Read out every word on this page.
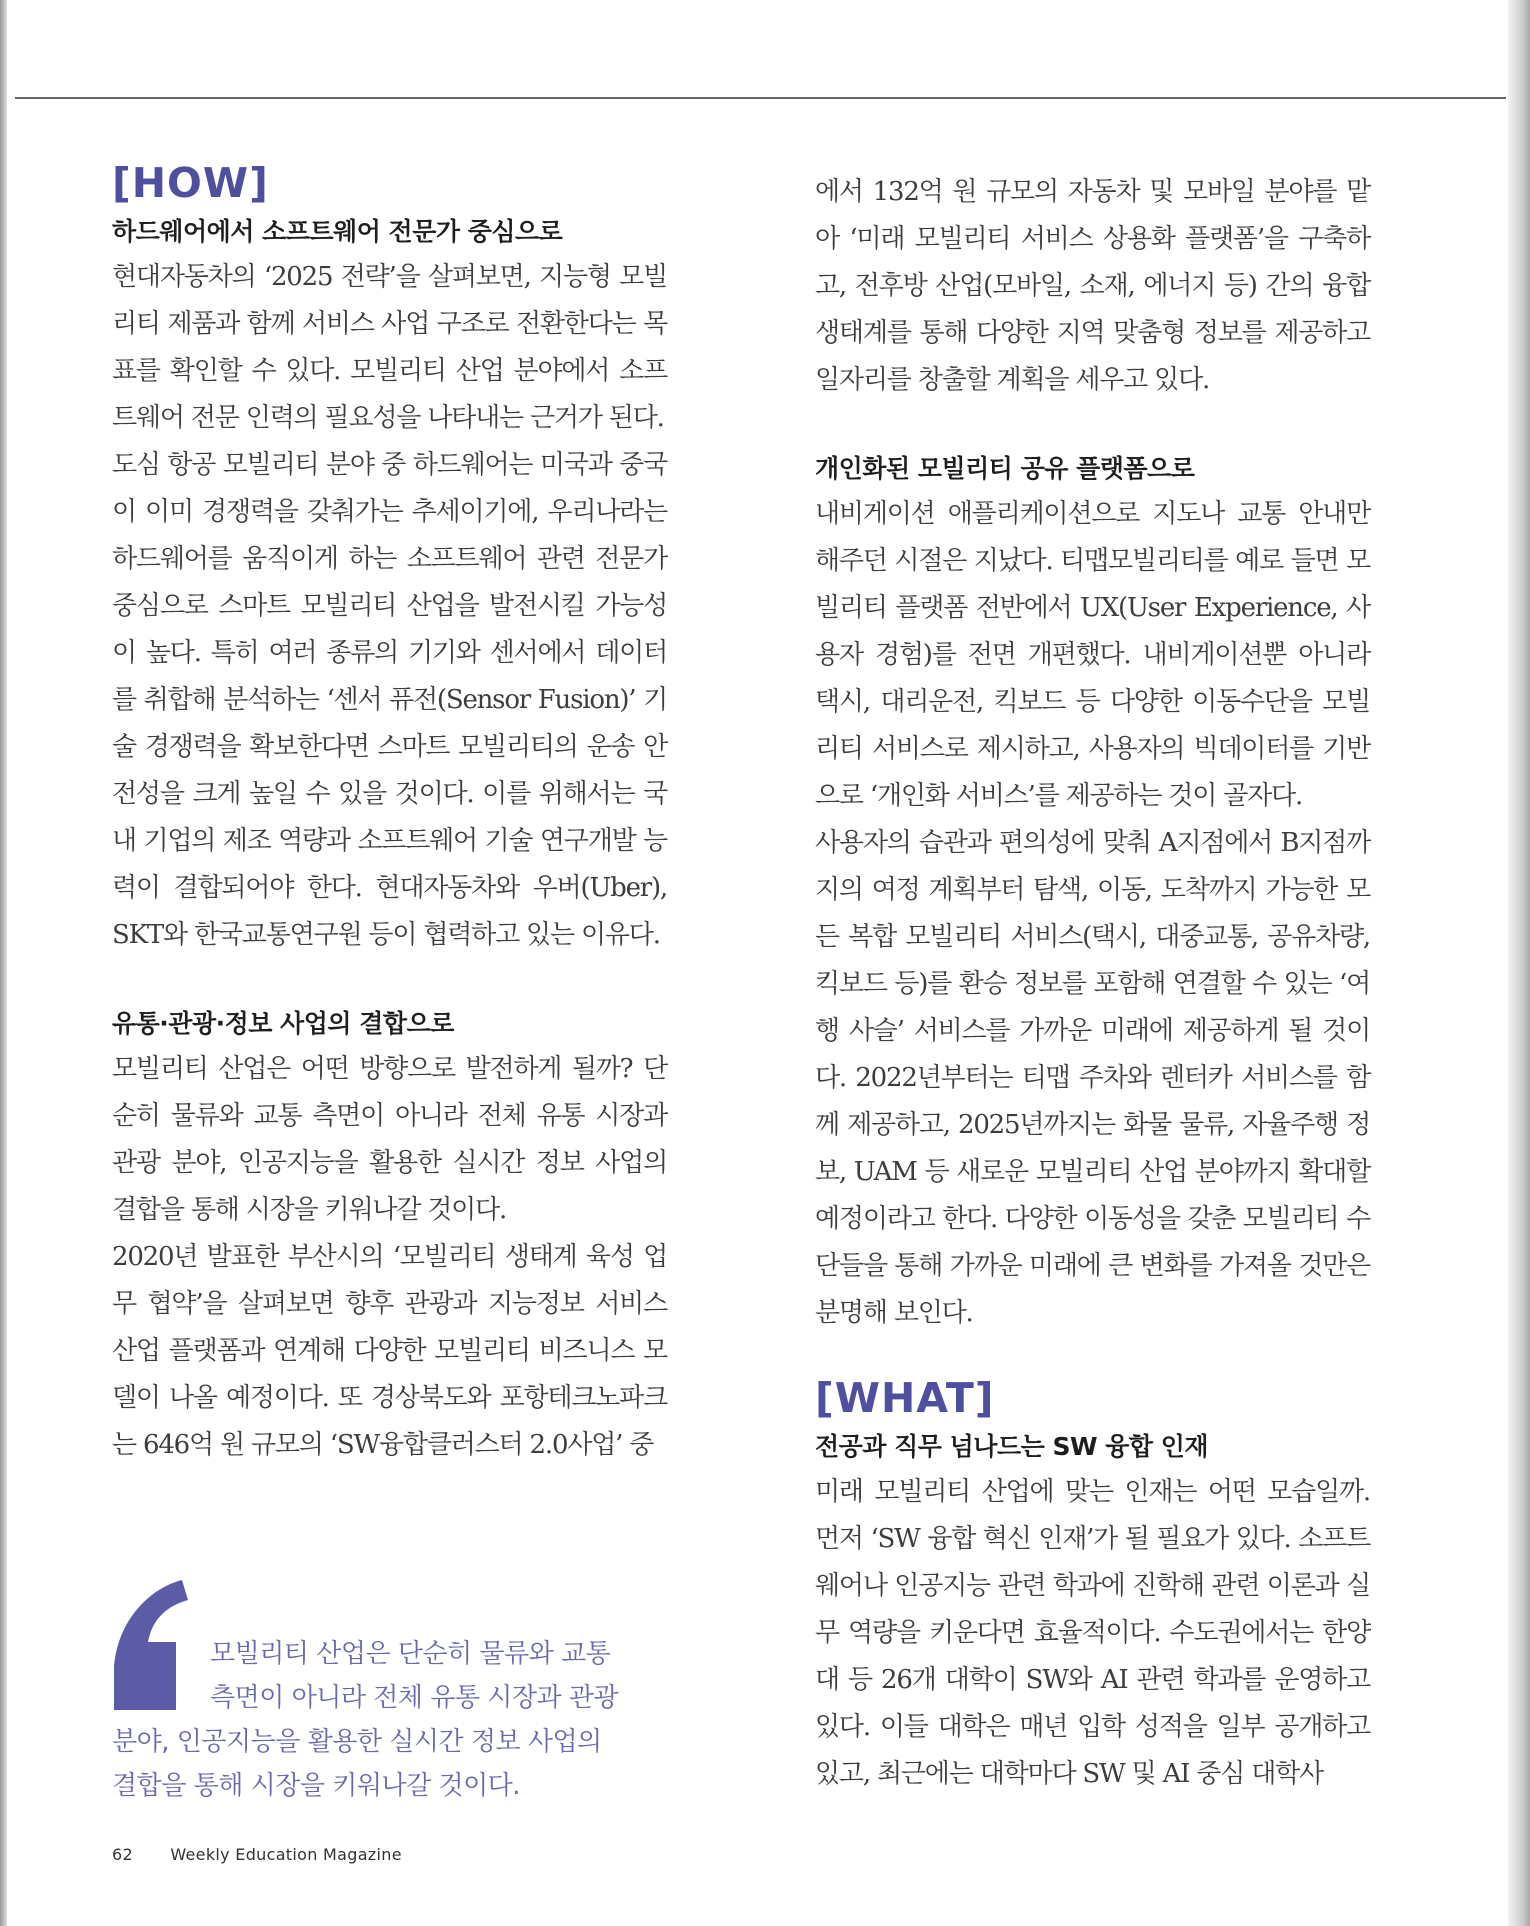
[HOW]
하드웨어에서 소프트웨어 전문가 중심으로

현대자동차의 ‘2025 전략’을 살펴보면, 지능형 모빌리티 제품과 함께 서비스 사업 구조로 전환한다는 목표를 확인할 수 있다. 모빌리티 산업 분야에서 소프트웨어 전문 인력의 필요성을 나타내는 근거가 된다.

도심 항공 모빌리티 분야 중 하드웨어는 미국과 중국이 이미 경쟁력을 갖춰가는 추세이기에, 우리나라는 하드웨어를 움직이게 하는 소프트웨어 관련 전문가 중심으로 스마트 모빌리티 산업을 발전시킬 가능성이 높다. 특히 여러 종류의 기기와 센서에서 데이터를 취합해 분석하는 ‘센서 퓨전(Sensor Fusion)’ 기술 경쟁력을 확보한다면 스마트 모빌리티의 운송 안전성을 크게 높일 수 있을 것이다. 이를 위해서는 국내 기업의 제조 역량과 소프트웨어 기술 연구개발 능력이 결합되어야 한다. 현대자동차와 우버(Uber), SKT와 한국교통연구원 등이 협력하고 있는 이유다.

유통·관광·정보 사업의 결합으로

모빌리티 산업은 어떤 방향으로 발전하게 될까? 단순히 물류와 교통 측면이 아니라 전체 유통 시장과 관광 분야, 인공지능을 활용한 실시간 정보 사업의 결합을 통해 시장을 키워나갈 것이다.

2020년 발표한 부산시의 ‘모빌리티 생태계 육성 업무 협약’을 살펴보면 향후 관광과 지능정보 서비스 산업 플랫폼과 연계해 다양한 모빌리티 비즈니스 모델이 나올 예정이다. 또 경상북도와 포항테크노파크는 646억 원 규모의 ‘SW융합클러스터 2.0사업’ 중

모빌리티 산업은 단순히 물류와 교통
측면이 아니라 전체 유통 시장과 관광
분야, 인공지능을 활용한 실시간 정보 사업의
결합을 통해 시장을 키워나갈 것이다.

에서 132억 원 규모의 자동차 및 모바일 분야를 맡아 ‘미래 모빌리티 서비스 상용화 플랫폼’을 구축하고, 전후방 산업(모바일, 소재, 에너지 등) 간의 융합 생태계를 통해 다양한 지역 맞춤형 정보를 제공하고 일자리를 창출할 계획을 세우고 있다.

개인화된 모빌리티 공유 플랫폼으로

내비게이션 애플리케이션으로 지도나 교통 안내만 해주던 시절은 지났다. 티맵모빌리티를 예로 들면 모빌리티 플랫폼 전반에서 UX(User Experience, 사용자 경험)를 전면 개편했다. 내비게이션뿐 아니라 택시, 대리운전, 킥보드 등 다양한 이동수단을 모빌리티 서비스로 제시하고, 사용자의 빅데이터를 기반으로 ‘개인화 서비스’를 제공하는 것이 골자다.

사용자의 습관과 편의성에 맞춰 A지점에서 B지점까지의 여정 계획부터 탐색, 이동, 도착까지 가능한 모든 복합 모빌리티 서비스(택시, 대중교통, 공유차량, 킥보드 등)를 환승 정보를 포함해 연결할 수 있는 ‘여행 사슬’ 서비스를 가까운 미래에 제공하게 될 것이다. 2022년부터는 티맵 주차와 렌터카 서비스를 함께 제공하고, 2025년까지는 화물 물류, 자율주행 정보, UAM 등 새로운 모빌리티 산업 분야까지 확대할 예정이라고 한다. 다양한 이동성을 갖춘 모빌리티 수단들을 통해 가까운 미래에 큰 변화를 가져올 것만은 분명해 보인다.

[WHAT]
전공과 직무 넘나드는 SW 융합 인재

미래 모빌리티 산업에 맞는 인재는 어떤 모습일까. 먼저 ‘SW 융합 혁신 인재’가 될 필요가 있다. 소프트웨어나 인공지능 관련 학과에 진학해 관련 이론과 실무 역량을 키운다면 효율적이다. 수도권에서는 한양대 등 26개 대학이 SW와 AI 관련 학과를 운영하고 있다. 이들 대학은 매년 입학 성적을 일부 공개하고 있고, 최근에는 대학마다 SW 및 AI 중심 대학사

62 Weekly Education Magazine
